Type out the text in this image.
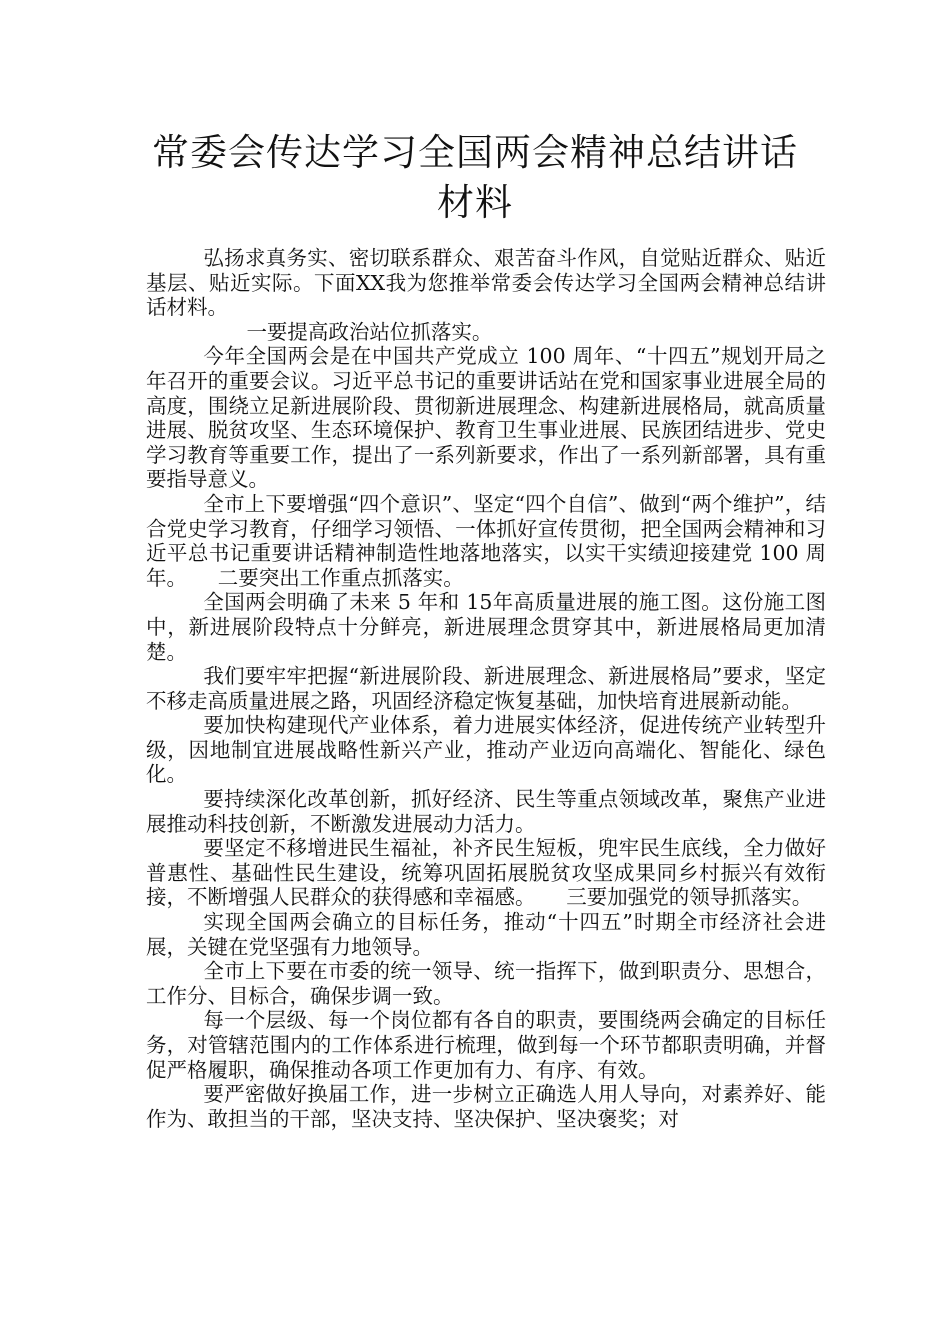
常委会传达学习全国两会精神总结讲话材料

弘扬求真务实、密切联系群众、艰苦奋斗作风，自觉贴近群众、贴近基层、贴近实际。下面XX我为您推举常委会传达学习全国两会精神总结讲话材料。

一要提高政治站位抓落实。

今年全国两会是在中国共产党成立 100 周年、“十四五”规划开局之年召开的重要会议。习近平总书记的重要讲话站在党和国家事业进展全局的高度，围绕立足新进展阶段、贯彻新进展理念、构建新进展格局，就高质量进展、脱贫攻坚、生态环境保护、教育卫生事业进展、民族团结进步、党史学习教育等重要工作，提出了一系列新要求，作出了一系列新部署，具有重要指导意义。

全市上下要增强“四个意识”、坚定“四个自信”、做到“两个维护”，结合党史学习教育，仔细学习领悟、一体抓好宣传贯彻，把全国两会精神和习近平总书记重要讲话精神制造性地落地落实，以实干实绩迎接建党 100 周年。　　二要突出工作重点抓落实。

全国两会明确了未来 5 年和 15年高质量进展的施工图。这份施工图中，新进展阶段特点十分鲜亮，新进展理念贯穿其中，新进展格局更加清楚。

我们要牢牢把握“新进展阶段、新进展理念、新进展格局”要求，坚定不移走高质量进展之路，巩固经济稳定恢复基础，加快培育进展新动能。

要加快构建现代产业体系，着力进展实体经济，促进传统产业转型升级，因地制宜进展战略性新兴产业，推动产业迈向高端化、智能化、绿色化。

要持续深化改革创新，抓好经济、民生等重点领域改革，聚焦产业进展推动科技创新，不断激发进展动力活力。

要坚定不移增进民生福祉，补齐民生短板，兜牢民生底线，全力做好普惠性、基础性民生建设，统筹巩固拓展脱贫攻坚成果同乡村振兴有效衔接，不断增强人民群众的获得感和幸福感。　　三要加强党的领导抓落实。

实现全国两会确立的目标任务，推动“十四五”时期全市经济社会进展，关键在党坚强有力地领导。

全市上下要在市委的统一领导、统一指挥下，做到职责分、思想合，工作分、目标合，确保步调一致。

每一个层级、每一个岗位都有各自的职责，要围绕两会确定的目标任务，对管辖范围内的工作体系进行梳理，做到每一个环节都职责明确，并督促严格履职，确保推动各项工作更加有力、有序、有效。

要严密做好换届工作，进一步树立正确选人用人导向，对素养好、能作为、敢担当的干部，坚决支持、坚决保护、坚决褒奖；对
